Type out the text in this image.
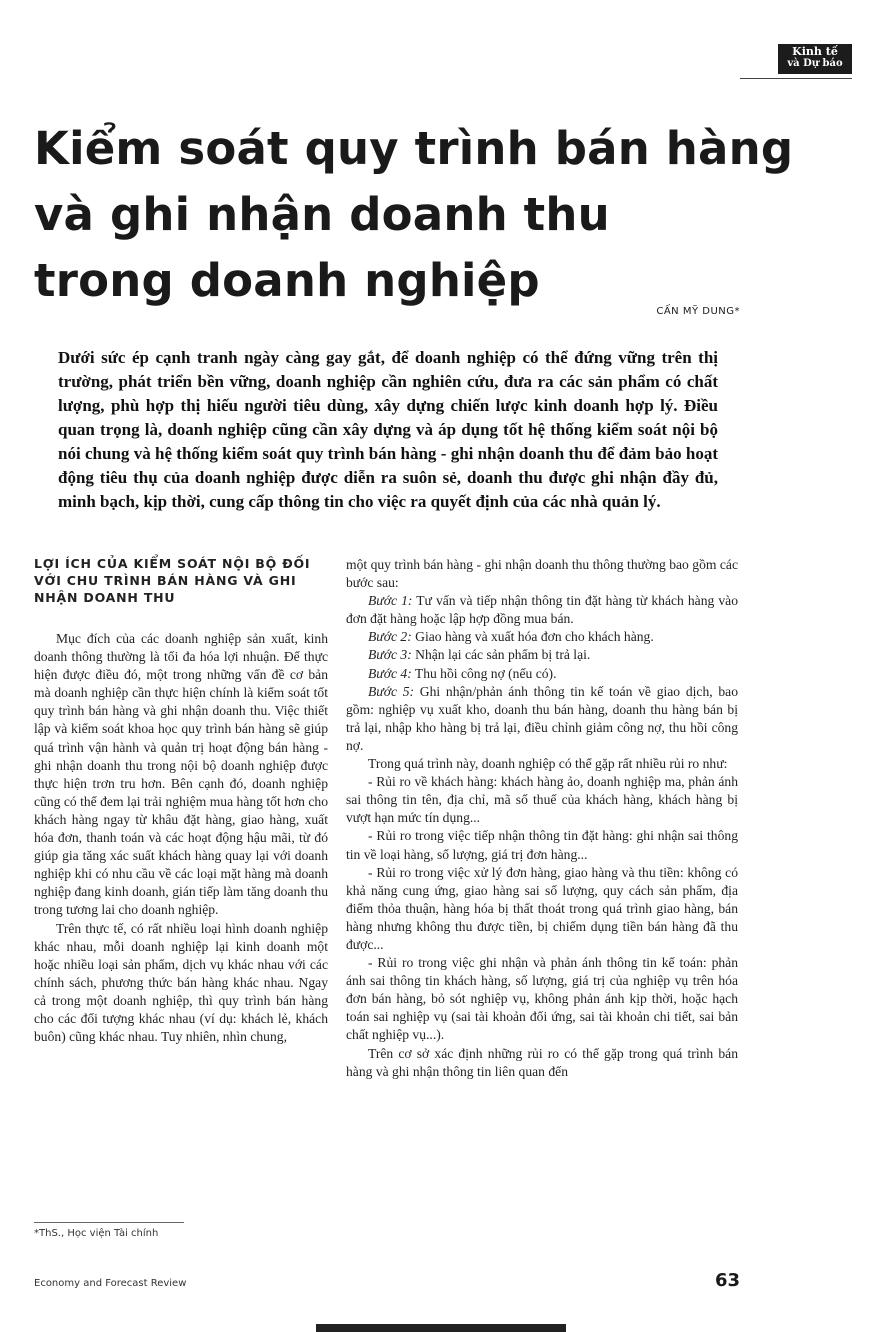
Kinh tế
và Dự báo
Kiểm soát quy trình bán hàng
và ghi nhận doanh thu
trong doanh nghiệp
CẤN MỸ DUNG*
Dưới sức ép cạnh tranh ngày càng gay gắt, để doanh nghiệp có thể đứng vững trên thị trường, phát triển bền vững, doanh nghiệp cần nghiên cứu, đưa ra các sản phẩm có chất lượng, phù hợp thị hiếu người tiêu dùng, xây dựng chiến lược kinh doanh hợp lý. Điều quan trọng là, doanh nghiệp cũng cần xây dựng và áp dụng tốt hệ thống kiểm soát nội bộ nói chung và hệ thống kiểm soát quy trình bán hàng - ghi nhận doanh thu để đảm bảo hoạt động tiêu thụ của doanh nghiệp được diễn ra suôn sẻ, doanh thu được ghi nhận đầy đủ, minh bạch, kịp thời, cung cấp thông tin cho việc ra quyết định của các nhà quản lý.
LỢI ÍCH CỦA KIỂM SOÁT NỘI BỘ ĐỐI VỚI CHU TRÌNH BÁN HÀNG VÀ GHI NHẬN DOANH THU

Mục đích của các doanh nghiệp sản xuất, kinh doanh thông thường là tối đa hóa lợi nhuận. Để thực hiện được điều đó, một trong những vấn đề cơ bản mà doanh nghiệp cần thực hiện chính là kiểm soát tốt quy trình bán hàng và ghi nhận doanh thu. Việc thiết lập và kiểm soát khoa học quy trình bán hàng sẽ giúp quá trình vận hành và quản trị hoạt động bán hàng - ghi nhận doanh thu trong nội bộ doanh nghiệp được thực hiện trơn tru hơn. Bên cạnh đó, doanh nghiệp cũng có thể đem lại trải nghiệm mua hàng tốt hơn cho khách hàng ngay từ khâu đặt hàng, giao hàng, xuất hóa đơn, thanh toán và các hoạt động hậu mãi, từ đó giúp gia tăng xác suất khách hàng quay lại với doanh nghiệp khi có nhu cầu về các loại mặt hàng mà doanh nghiệp đang kinh doanh, gián tiếp làm tăng doanh thu trong tương lai cho doanh nghiệp.

Trên thực tế, có rất nhiều loại hình doanh nghiệp khác nhau, mỗi doanh nghiệp lại kinh doanh một hoặc nhiều loại sản phẩm, dịch vụ khác nhau với các chính sách, phương thức bán hàng khác nhau. Ngay cả trong một doanh nghiệp, thì quy trình bán hàng cho các đối tượng khác nhau (ví dụ: khách lẻ, khách buôn) cũng khác nhau. Tuy nhiên, nhìn chung,

một quy trình bán hàng - ghi nhận doanh thu thông thường bao gồm các bước sau:

Bước 1: Tư vấn và tiếp nhận thông tin đặt hàng từ khách hàng vào đơn đặt hàng hoặc lập hợp đồng mua bán.

Bước 2: Giao hàng và xuất hóa đơn cho khách hàng.

Bước 3: Nhận lại các sản phẩm bị trả lại.

Bước 4: Thu hồi công nợ (nếu có).

Bước 5: Ghi nhận/phản ánh thông tin kế toán về giao dịch, bao gồm: nghiệp vụ xuất kho, doanh thu bán hàng, doanh thu hàng bán bị trả lại, nhập kho hàng bị trả lại, điều chỉnh giảm công nợ, thu hồi công nợ.

Trong quá trình này, doanh nghiệp có thể gặp rất nhiều rủi ro như:

- Rủi ro về khách hàng: khách hàng ảo, doanh nghiệp ma, phản ánh sai thông tin tên, địa chỉ, mã số thuế của khách hàng, khách hàng bị vượt hạn mức tín dụng...

- Rủi ro trong việc tiếp nhận thông tin đặt hàng: ghi nhận sai thông tin về loại hàng, số lượng, giá trị đơn hàng...

- Rủi ro trong việc xử lý đơn hàng, giao hàng và thu tiền: không có khả năng cung ứng, giao hàng sai số lượng, quy cách sản phẩm, địa điểm thỏa thuận, hàng hóa bị thất thoát trong quá trình giao hàng, bán hàng nhưng không thu được tiền, bị chiếm dụng tiền bán hàng đã thu được...

- Rủi ro trong việc ghi nhận và phản ánh thông tin kế toán: phản ánh sai thông tin khách hàng, số lượng, giá trị của nghiệp vụ trên hóa đơn bán hàng, bỏ sót nghiệp vụ, không phản ánh kịp thời, hoặc hạch toán sai nghiệp vụ (sai tài khoản đối ứng, sai tài khoản chi tiết, sai bản chất nghiệp vụ...).

Trên cơ sở xác định những rủi ro có thể gặp trong quá trình bán hàng và ghi nhận thông tin liên quan đến

*ThS., Học viện Tài chính
Economy and Forecast Review	63
